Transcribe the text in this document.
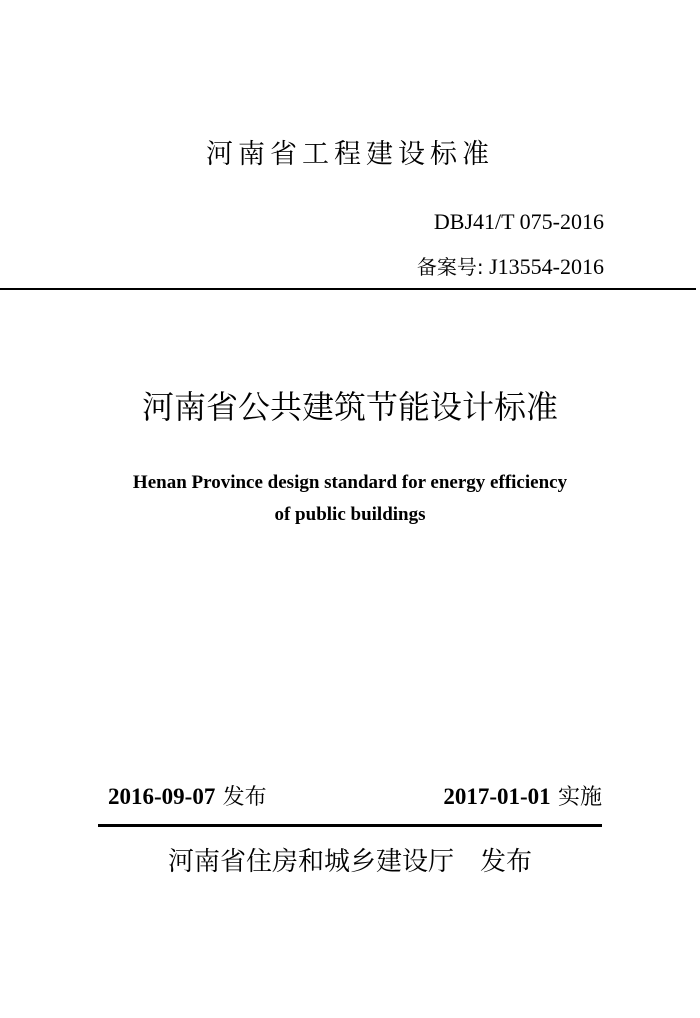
河南省工程建设标准
DBJ41/T 075-2016
备案号: J13554-2016
河南省公共建筑节能设计标准
Henan Province design standard for energy efficiency
of public buildings
2016-09-07 发布	2017-01-01 实施
河南省住房和城乡建设厅 发布
